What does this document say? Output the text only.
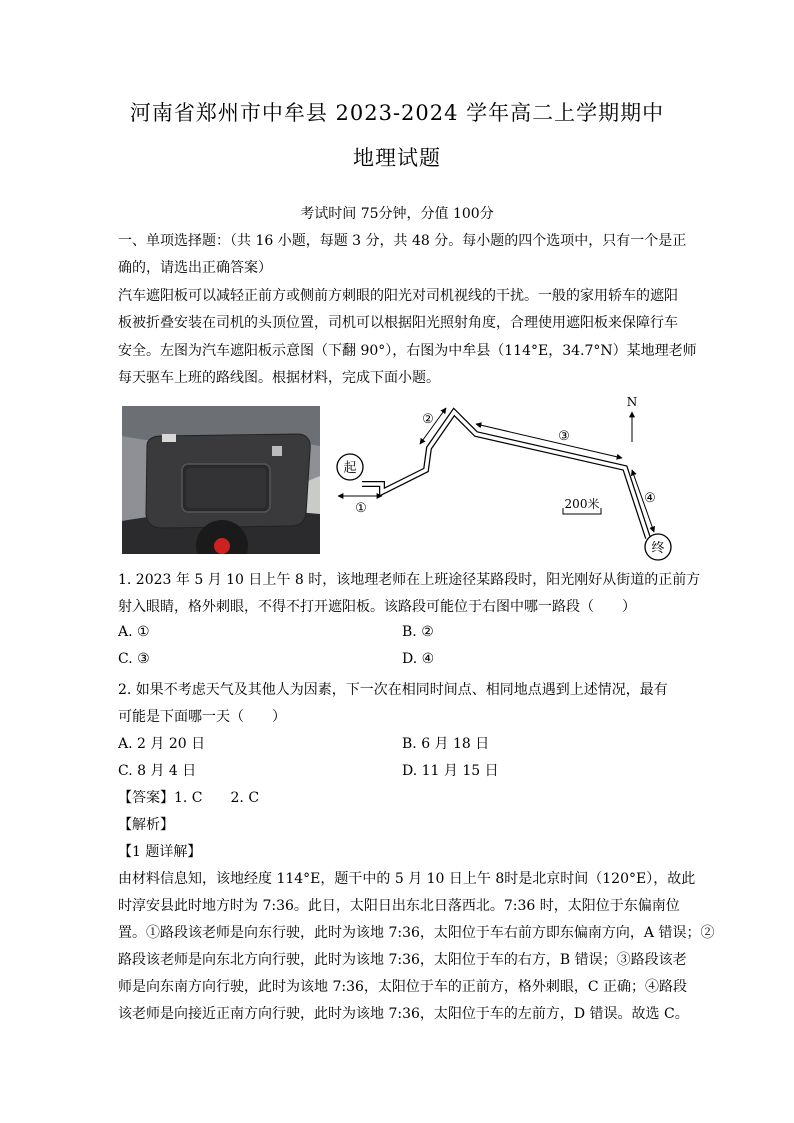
河南省郑州市中牟县 2023-2024 学年高二上学期期中
地理试题
考试时间 75分钟，分值 100分
一、单项选择题：（共 16 小题，每题 3 分，共 48 分。每小题的四个选项中，只有一个是正
确的，请选出正确答案）
汽车遮阳板可以减轻正前方或侧前方刺眼的阳光对司机视线的干扰。一般的家用轿车的遮阳
板被折叠安装在司机的头顶位置，司机可以根据阳光照射角度，合理使用遮阳板来保障行车
安全。左图为汽车遮阳板示意图（下翻 90°），右图为中牟县（114°E，34.7°N）某地理老师
每天驱车上班的路线图。根据材料，完成下面小题。
起
终
①
②
③
④
N
200米
1. 2023 年 5 月 10 日上午 8 时，该地理老师在上班途径某路段时，阳光刚好从街道的正前方
射入眼睛，格外刺眼，不得不打开遮阳板。该路段可能位于右图中哪一路段（　　）
A. ①	B. ②
C. ③	D. ④
2. 如果不考虑天气及其他人为因素，下一次在相同时间点、相同地点遇到上述情况，最有
可能是下面哪一天（　　）
A. 2 月 20 日	B. 6 月 18 日
C. 8 月 4 日	D. 11 月 15 日
【答案】1. C　　2. C
【解析】
【1 题详解】
由材料信息知，该地经度 114°E，题干中的 5 月 10 日上午 8时是北京时间（120°E），故此
时淳安县此时地方时为 7:36。此日，太阳日出东北日落西北。7:36 时，太阳位于东偏南位
置。①路段该老师是向东行驶，此时为该地 7:36，太阳位于车右前方即东偏南方向，A 错误；②
路段该老师是向东北方向行驶，此时为该地 7:36，太阳位于车的右方，B 错误；③路段该老
师是向东南方向行驶，此时为该地 7:36，太阳位于车的正前方，格外刺眼，C 正确；④路段
该老师是向接近正南方向行驶，此时为该地 7:36，太阳位于车的左前方，D 错误。故选 C。
